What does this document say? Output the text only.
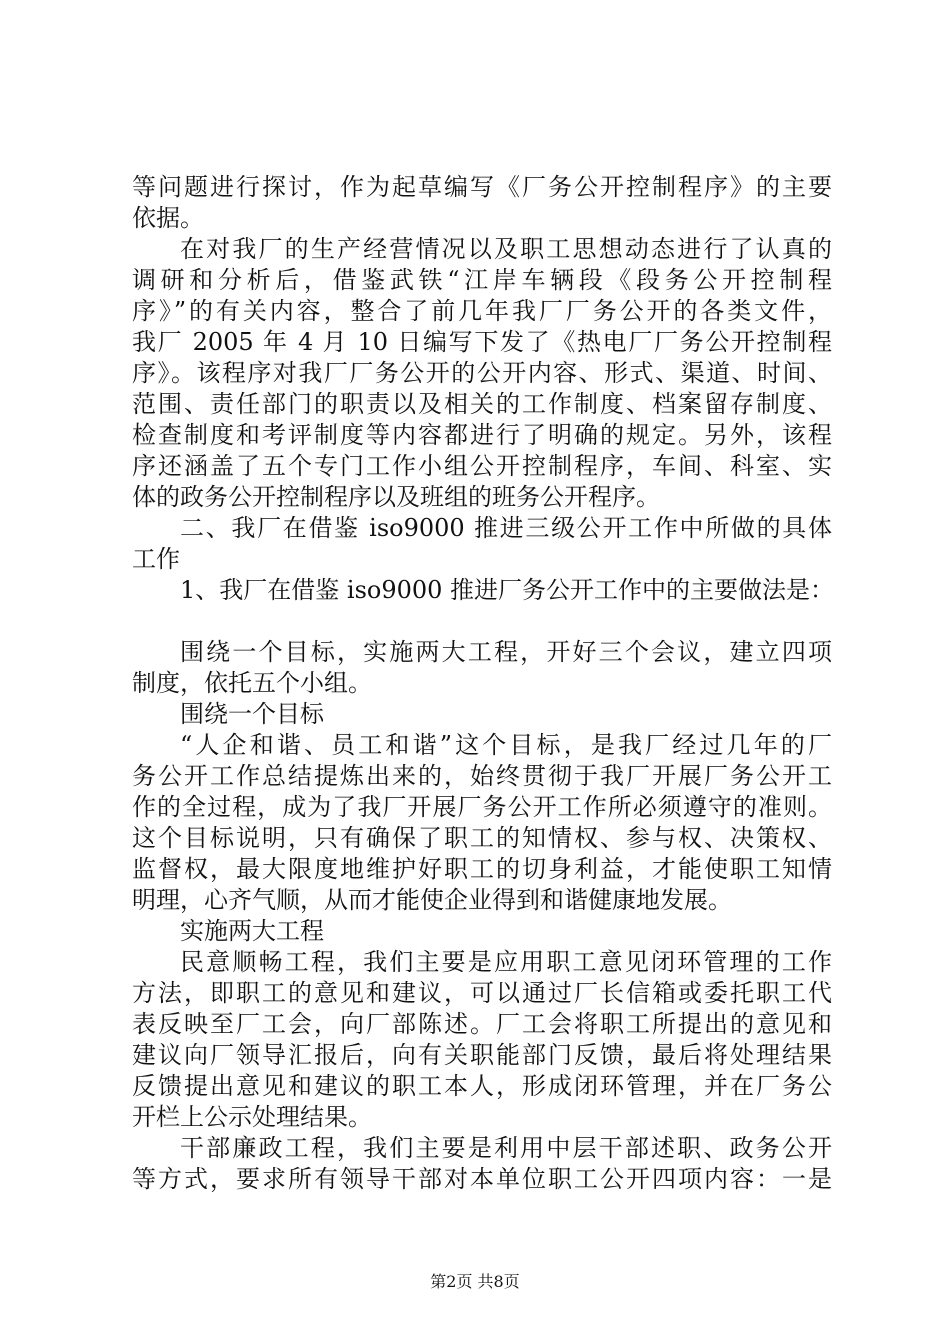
等问题进行探讨，作为起草编写《厂务公开控制程序》的主要
依据。
在对我厂的生产经营情况以及职工思想动态进行了认真的
调研和分析后，借鉴武铁“江岸车辆段《段务公开控制程
序》”的有关内容，整合了前几年我厂厂务公开的各类文件，
我厂 2005 年 4 月 10 日编写下发了《热电厂厂务公开控制程
序》。该程序对我厂厂务公开的公开内容、形式、渠道、时间、
范围、责任部门的职责以及相关的工作制度、档案留存制度、
检查制度和考评制度等内容都进行了明确的规定。另外，该程
序还涵盖了五个专门工作小组公开控制程序，车间、科室、实
体的政务公开控制程序以及班组的班务公开程序。
二、我厂在借鉴 iso9000 推进三级公开工作中所做的具体
工作
1、我厂在借鉴 iso9000 推进厂务公开工作中的主要做法是：
围绕一个目标，实施两大工程，开好三个会议，建立四项
制度，依托五个小组。
围绕一个目标
“人企和谐、员工和谐”这个目标，是我厂经过几年的厂
务公开工作总结提炼出来的，始终贯彻于我厂开展厂务公开工
作的全过程，成为了我厂开展厂务公开工作所必须遵守的准则。
这个目标说明，只有确保了职工的知情权、参与权、决策权、
监督权，最大限度地维护好职工的切身利益，才能使职工知情
明理，心齐气顺，从而才能使企业得到和谐健康地发展。
实施两大工程
民意顺畅工程，我们主要是应用职工意见闭环管理的工作
方法，即职工的意见和建议，可以通过厂长信箱或委托职工代
表反映至厂工会，向厂部陈述。厂工会将职工所提出的意见和
建议向厂领导汇报后，向有关职能部门反馈，最后将处理结果
反馈提出意见和建议的职工本人，形成闭环管理，并在厂务公
开栏上公示处理结果。
干部廉政工程，我们主要是利用中层干部述职、政务公开
等方式，要求所有领导干部对本单位职工公开四项内容：一是
第2页 共8页
